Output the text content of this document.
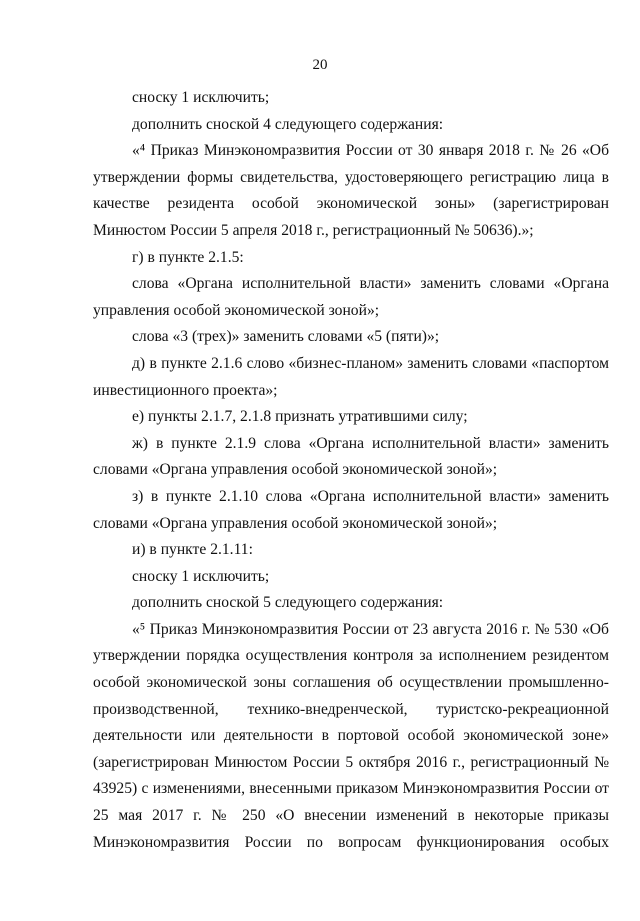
20

сноску 1 исключить;

дополнить сноской 4 следующего содержания:

«⁴ Приказ Минэкономразвития России от 30 января 2018 г. № 26 «Об утверждении формы свидетельства, удостоверяющего регистрацию лица в качестве резидента особой экономической зоны» (зарегистрирован Минюстом России 5 апреля 2018 г., регистрационный № 50636).»;

г) в пункте 2.1.5:

слова «Органа исполнительной власти» заменить словами «Органа управления особой экономической зоной»;

слова «3 (трех)» заменить словами «5 (пяти)»;

д) в пункте 2.1.6 слово «бизнес-планом» заменить словами «паспортом инвестиционного проекта»;

е) пункты 2.1.7, 2.1.8 признать утратившими силу;

ж) в пункте 2.1.9 слова «Органа исполнительной власти» заменить словами «Органа управления особой экономической зоной»;

з) в пункте 2.1.10 слова «Органа исполнительной власти» заменить словами «Органа управления особой экономической зоной»;

и) в пункте 2.1.11:

сноску 1 исключить;

дополнить сноской 5 следующего содержания:

«⁵ Приказ Минэкономразвития России от 23 августа 2016 г. № 530 «Об утверждении порядка осуществления контроля за исполнением резидентом особой экономической зоны соглашения об осуществлении промышленно-производственной, технико-внедренческой, туристско-рекреационной деятельности или деятельности в портовой особой экономической зоне» (зарегистрирован Минюстом России 5 октября 2016 г., регистрационный № 43925) с изменениями, внесенными приказом Минэкономразвития России от 25 мая 2017 г. № 250 «О внесении изменений в некоторые приказы Минэкономразвития России по вопросам функционирования особых
